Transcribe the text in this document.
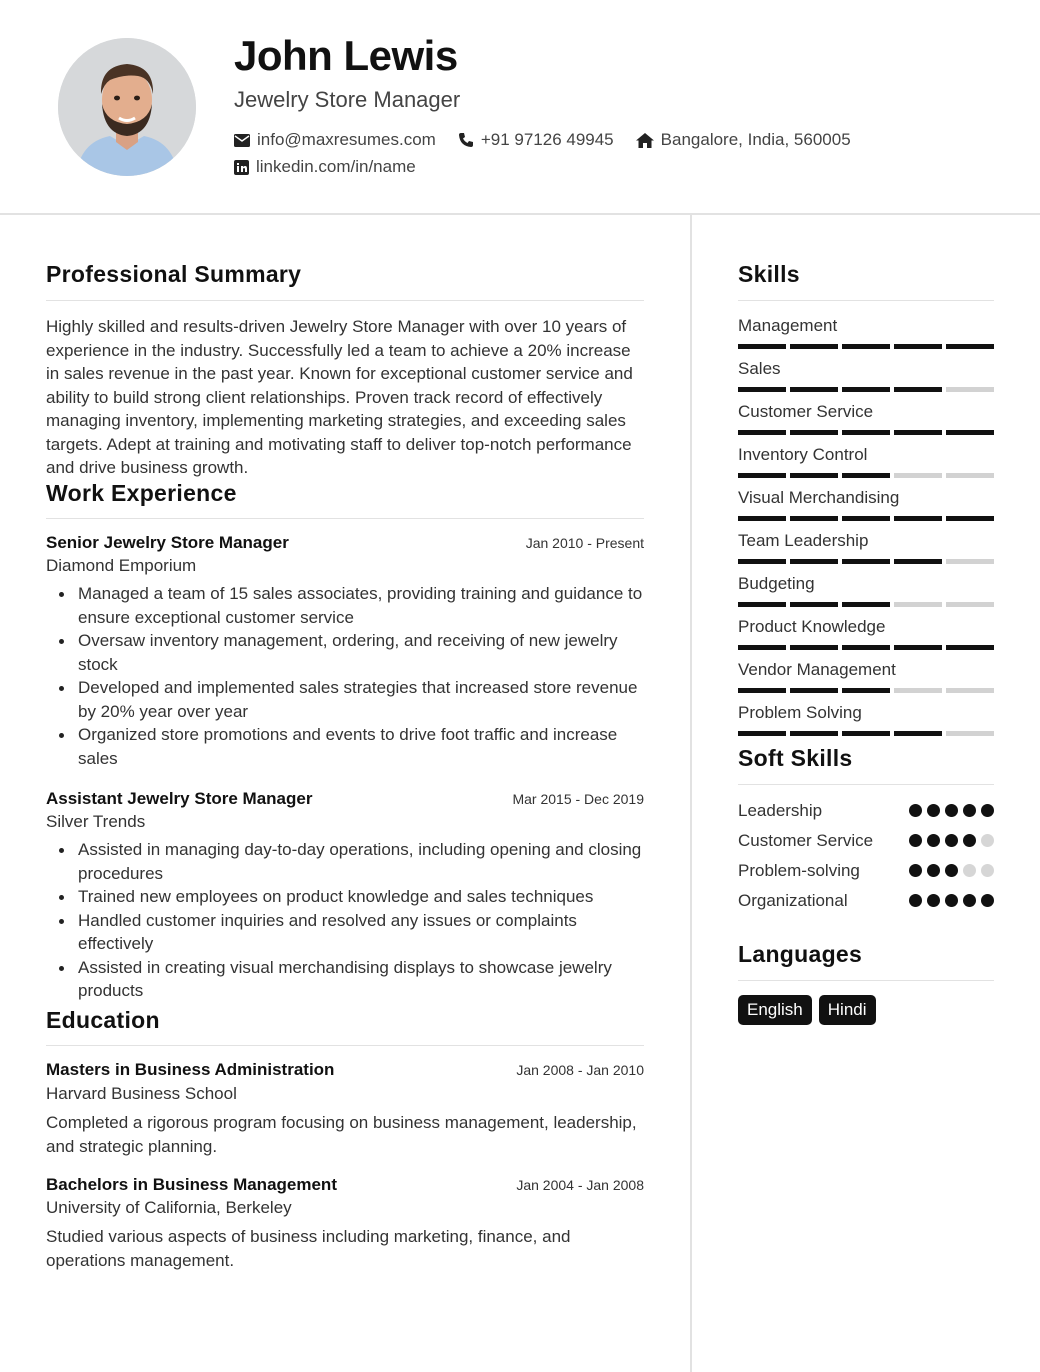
John Lewis
Jewelry Store Manager
info@maxresumes.com	+91 97126 49945	Bangalore, India, 560005
linkedin.com/in/name
Professional Summary
Highly skilled and results-driven Jewelry Store Manager with over 10 years of experience in the industry. Successfully led a team to achieve a 20% increase in sales revenue in the past year. Known for exceptional customer service and ability to build strong client relationships. Proven track record of effectively managing inventory, implementing marketing strategies, and exceeding sales targets. Adept at training and motivating staff to deliver top-notch performance and drive business growth.
Work Experience
Senior Jewelry Store Manager	Jan 2010 - Present
Diamond Emporium
Managed a team of 15 sales associates, providing training and guidance to ensure exceptional customer service
Oversaw inventory management, ordering, and receiving of new jewelry stock
Developed and implemented sales strategies that increased store revenue by 20% year over year
Organized store promotions and events to drive foot traffic and increase sales
Assistant Jewelry Store Manager	Mar 2015 - Dec 2019
Silver Trends
Assisted in managing day-to-day operations, including opening and closing procedures
Trained new employees on product knowledge and sales techniques
Handled customer inquiries and resolved any issues or complaints effectively
Assisted in creating visual merchandising displays to showcase jewelry products
Education
Masters in Business Administration	Jan 2008 - Jan 2010
Harvard Business School
Completed a rigorous program focusing on business management, leadership, and strategic planning.
Bachelors in Business Management	Jan 2004 - Jan 2008
University of California, Berkeley
Studied various aspects of business including marketing, finance, and operations management.
Skills
Management
Sales
Customer Service
Inventory Control
Visual Merchandising
Team Leadership
Budgeting
Product Knowledge
Vendor Management
Problem Solving
Soft Skills
Leadership
Customer Service
Problem-solving
Organizational
Languages
English	Hindi
